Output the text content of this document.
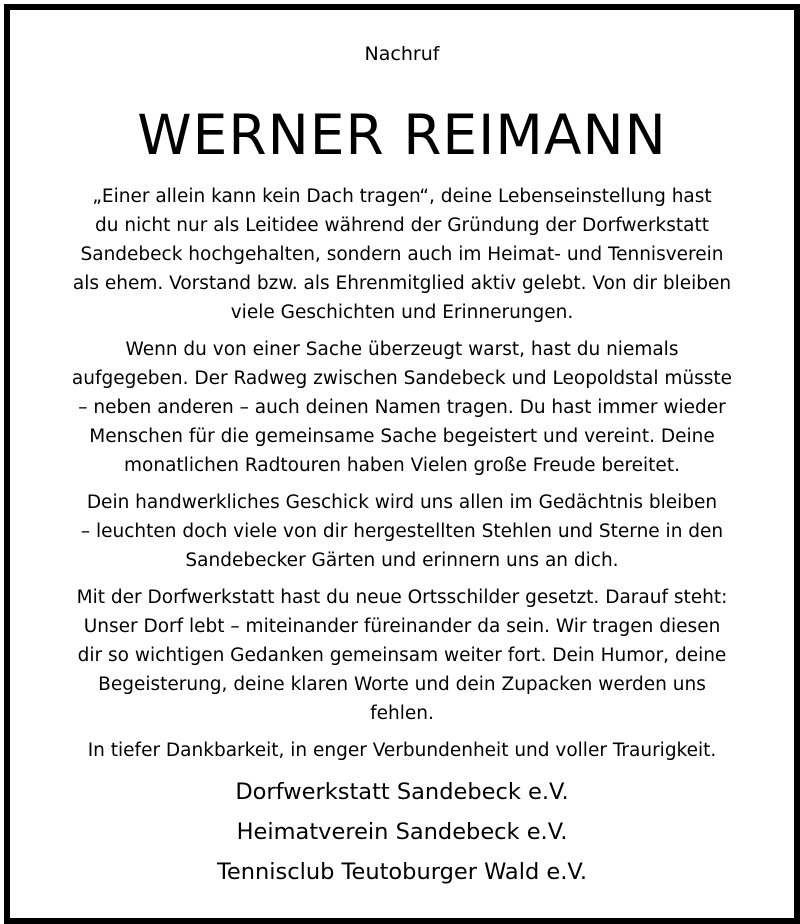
Nachruf
WERNER REIMANN

„Einer allein kann kein Dach tragen“, deine Lebenseinstellung hast
du nicht nur als Leitidee während der Gründung der Dorfwerkstatt
Sandebeck hochgehalten, sondern auch im Heimat- und Tennisverein
als ehem. Vorstand bzw. als Ehrenmitglied aktiv gelebt. Von dir bleiben
viele Geschichten und Erinnerungen.

Wenn du von einer Sache überzeugt warst, hast du niemals
aufgegeben. Der Radweg zwischen Sandebeck und Leopoldstal müsste
– neben anderen – auch deinen Namen tragen. Du hast immer wieder
Menschen für die gemeinsame Sache begeistert und vereint. Deine
monatlichen Radtouren haben Vielen große Freude bereitet.

Dein handwerkliches Geschick wird uns allen im Gedächtnis bleiben
– leuchten doch viele von dir hergestellten Stehlen und Sterne in den
Sandebecker Gärten und erinnern uns an dich.

Mit der Dorfwerkstatt hast du neue Ortsschilder gesetzt. Darauf steht:
Unser Dorf lebt – miteinander füreinander da sein. Wir tragen diesen
dir so wichtigen Gedanken gemeinsam weiter fort. Dein Humor, deine
Begeisterung, deine klaren Worte und dein Zupacken werden uns
fehlen.

In tiefer Dankbarkeit, in enger Verbundenheit und voller Traurigkeit.

Dorfwerkstatt Sandebeck e.V.
Heimatverein Sandebeck e.V.
Tennisclub Teutoburger Wald e.V.
